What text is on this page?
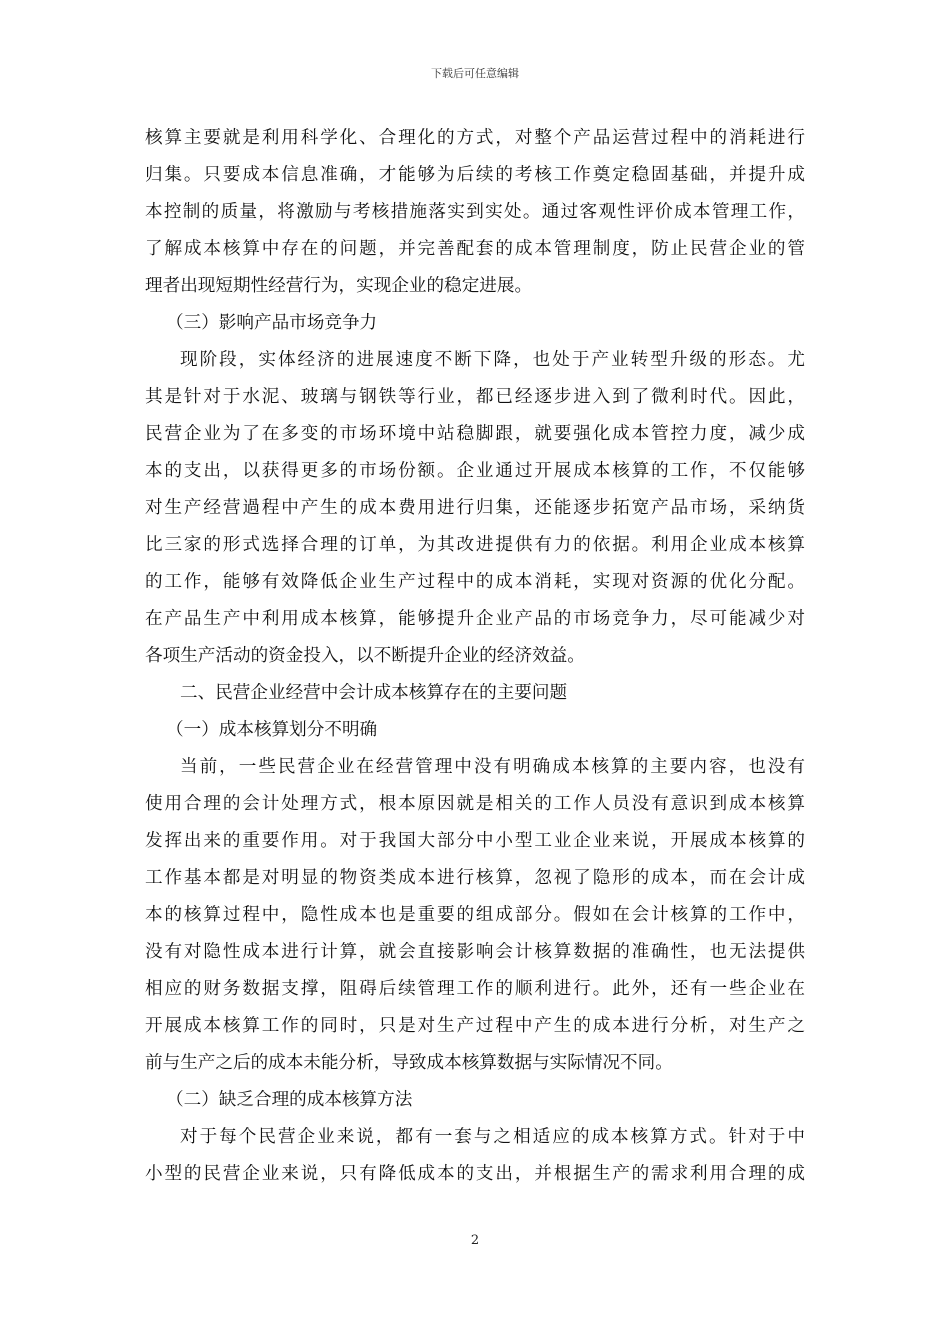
下载后可任意编辑
核算主要就是利用科学化、合理化的方式，对整个产品运营过程中的消耗进行
归集。只要成本信息准确，才能够为后续的考核工作奠定稳固基础，并提升成
本控制的质量，将激励与考核措施落实到实处。通过客观性评价成本管理工作，
了解成本核算中存在的问题，并完善配套的成本管理制度，防止民营企业的管
理者出现短期性经营行为，实现企业的稳定进展。
（三）影响产品市场竞争力
现阶段，实体经济的进展速度不断下降，也处于产业转型升级的形态。尤
其是针对于水泥、玻璃与钢铁等行业，都已经逐步进入到了微利时代。因此，
民营企业为了在多变的市场环境中站稳脚跟，就要强化成本管控力度，减少成
本的支出，以获得更多的市场份额。企业通过开展成本核算的工作，不仅能够
对生产经营過程中产生的成本费用进行归集，还能逐步拓宽产品市场，采纳货
比三家的形式选择合理的订单，为其改进提供有力的依据。利用企业成本核算
的工作，能够有效降低企业生产过程中的成本消耗，实现对资源的优化分配。
在产品生产中利用成本核算，能够提升企业产品的市场竞争力，尽可能减少对
各项生产活动的资金投入，以不断提升企业的经济效益。
二、民营企业经营中会计成本核算存在的主要问题
（一）成本核算划分不明确
当前，一些民营企业在经营管理中没有明确成本核算的主要内容，也没有
使用合理的会计处理方式，根本原因就是相关的工作人员没有意识到成本核算
发挥出来的重要作用。对于我国大部分中小型工业企业来说，开展成本核算的
工作基本都是对明显的物资类成本进行核算，忽视了隐形的成本，而在会计成
本的核算过程中，隐性成本也是重要的组成部分。假如在会计核算的工作中，
没有对隐性成本进行计算，就会直接影响会计核算数据的准确性，也无法提供
相应的财务数据支撑，阻碍后续管理工作的顺利进行。此外，还有一些企业在
开展成本核算工作的同时，只是对生产过程中产生的成本进行分析，对生产之
前与生产之后的成本未能分析，导致成本核算数据与实际情况不同。
（二）缺乏合理的成本核算方法
对于每个民营企业来说，都有一套与之相适应的成本核算方式。针对于中
小型的民营企业来说，只有降低成本的支出，并根据生产的需求利用合理的成
2
